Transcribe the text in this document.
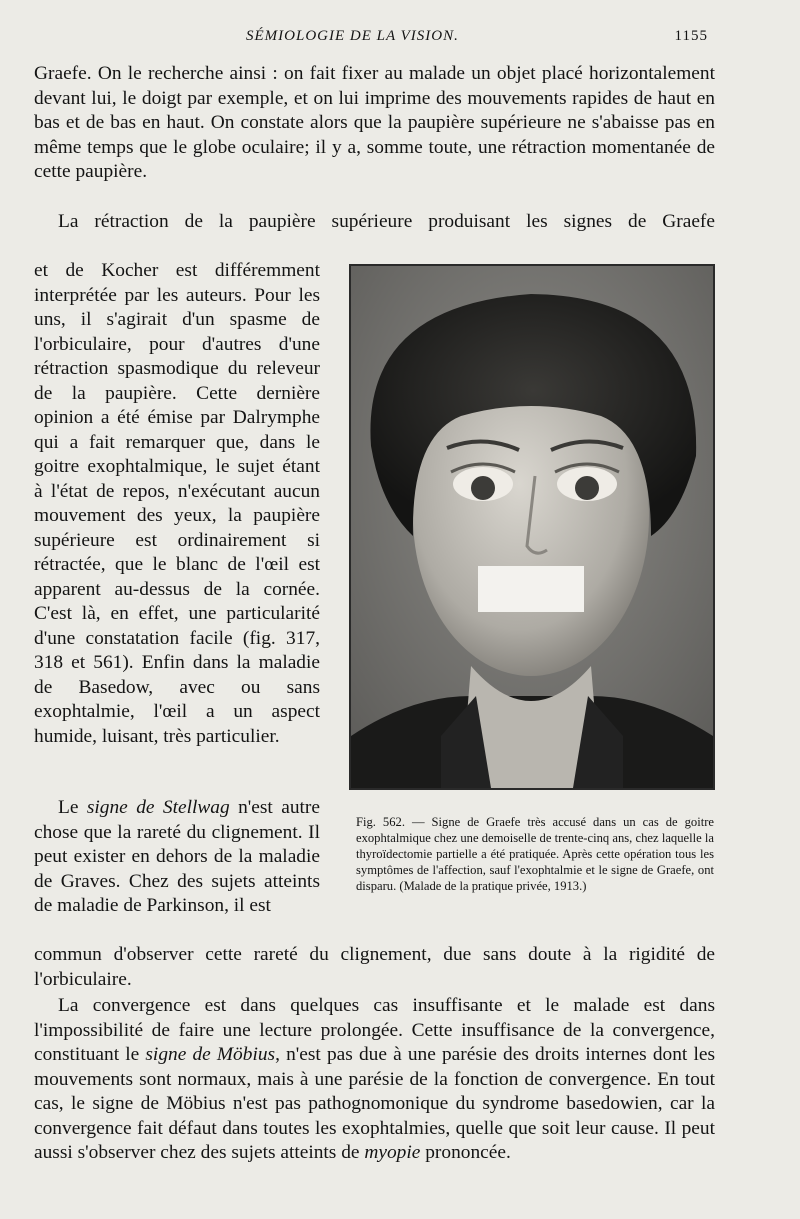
SÉMIOLOGIE DE LA VISION.	1155

Graefe. On le recherche ainsi : on fait fixer au malade un objet placé horizontalement devant lui, le doigt par exemple, et on lui imprime des mouvements rapides de haut en bas et de bas en haut. On constate alors que la paupière supérieure ne s'abaisse pas en même temps que le globe oculaire; il y a, somme toute, une rétraction momentanée de cette paupière.

La rétraction de la paupière supérieure produisant les signes de Graefe

et de Kocher est différemment interprétée par les auteurs. Pour les uns, il s'agirait d'un spasme de l'orbiculaire, pour d'autres d'une rétraction spasmodique du releveur de la paupière. Cette dernière opinion a été émise par Dalrymphe qui a fait remarquer que, dans le goitre exophtalmique, le sujet étant à l'état de repos, n'exécutant aucun mouvement des yeux, la paupière supérieure est ordinairement si rétractée, que le blanc de l'œil est apparent au-dessus de la cornée. C'est là, en effet, une particularité d'une constatation facile (fig. 317, 318 et 561). Enfin dans la maladie de Basedow, avec ou sans exophtalmie, l'œil a un aspect humide, luisant, très particulier.

Le signe de Stellwag n'est autre chose que la rareté du clignement. Il peut exister en dehors de la maladie de Graves. Chez des sujets atteints de maladie de Parkinson, il est

commun d'observer cette rareté du clignement, due sans doute à la rigidité de l'orbiculaire.

La convergence est dans quelques cas insuffisante et le malade est dans l'impossibilité de faire une lecture prolongée. Cette insuffisance de la convergence, constituant le signe de Möbius, n'est pas due à une parésie des droits internes dont les mouvements sont normaux, mais à une parésie de la fonction de convergence. En tout cas, le signe de Möbius n'est pas pathognomonique du syndrome basedowien, car la convergence fait défaut dans toutes les exophtalmies, quelle que soit leur cause. Il peut aussi s'observer chez des sujets atteints de myopie prononcée.

Fig. 562. — Signe de Graefe très accusé dans un cas de goitre exophtalmique chez une demoiselle de trente-cinq ans, chez laquelle la thyroïdectomie partielle a été pratiquée. Après cette opération tous les symptômes de l'affection, sauf l'exophtalmie et le signe de Graefe, ont disparu. (Malade de la pratique privée, 1913.)
